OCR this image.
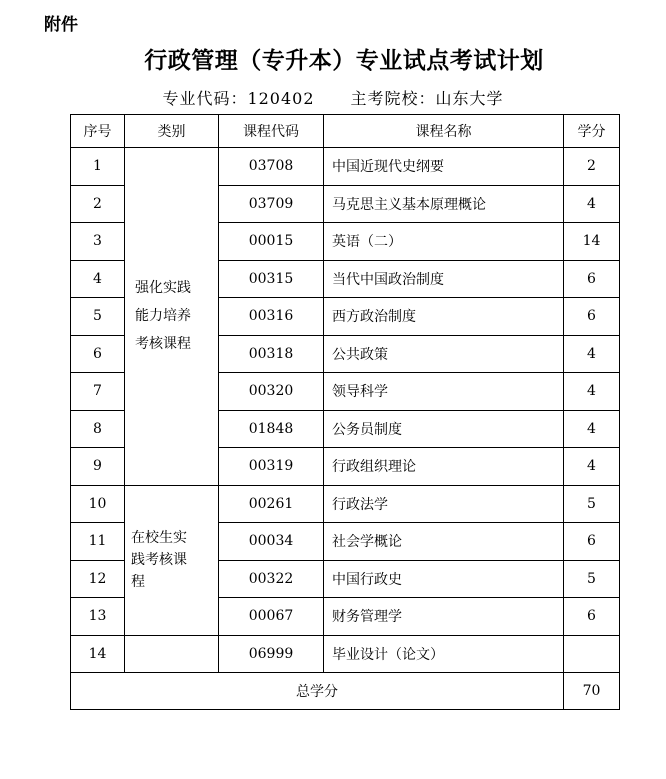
附件
行政管理（专升本）专业试点考试计划
专业代码：120402 主考院校：山东大学
序号	类别	课程代码	课程名称	学分
1	强化实践
能力培养
考核课程	03708	中国近现代史纲要	2
2		03709	马克思主义基本原理概论	4
3		00015	英语（二）	14
4		00315	当代中国政治制度	6
5		00316	西方政治制度	6
6		00318	公共政策	4
7		00320	领导科学	4
8		01848	公务员制度	4
9		00319	行政组织理论	4
10	在校生实
践考核课
程	00261	行政法学	5
11		00034	社会学概论	6
12		00322	中国行政史	5
13		00067	财务管理学	6
14		06999	毕业设计（论文）	
总学分				70
